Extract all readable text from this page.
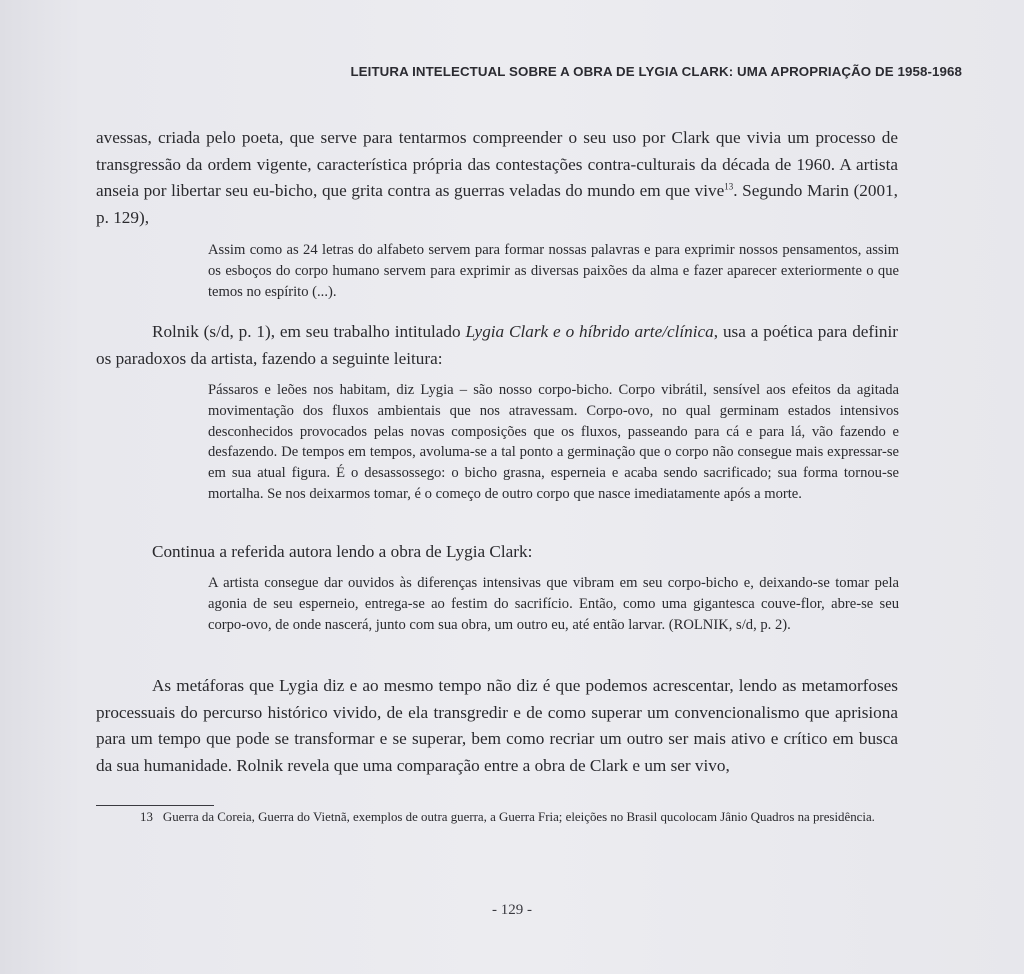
LEITURA INTELECTUAL SOBRE A OBRA DE LYGIA CLARK: UMA APROPRIAÇÃO DE 1958-1968

avessas, criada pelo poeta, que serve para tentarmos compreender o seu uso por Clark que vivia um processo de transgressão da ordem vigente, característica própria das contestações contra-culturais da década de 1960. A artista anseia por libertar seu eu-bicho, que grita contra as guerras veladas do mundo em que vive$^{13}$. Segundo Marin (2001, p. 129),

Assim como as 24 letras do alfabeto servem para formar nossas palavras e para exprimir nossos pensamentos, assim os esboços do corpo humano servem para exprimir as diversas paixões da alma e fazer aparecer exteriormente o que temos no espírito (...).

Rolnik (s/d, p. 1), em seu trabalho intitulado Lygia Clark e o híbrido arte/clínica, usa a poética para definir os paradoxos da artista, fazendo a seguinte leitura:

Pássaros e leões nos habitam, diz Lygia – são nosso corpo-bicho. Corpo vibrátil, sensível aos efeitos da agitada movimentação dos fluxos ambientais que nos atravessam. Corpo-ovo, no qual germinam estados intensivos desconhecidos provocados pelas novas composições que os fluxos, passeando para cá e para lá, vão fazendo e desfazendo. De tempos em tempos, avoluma-se a tal ponto a germinação que o corpo não consegue mais expressar-se em sua atual figura. É o desassossego: o bicho grasna, esperneia e acaba sendo sacrificado; sua forma tornou-se mortalha. Se nos deixarmos tomar, é o começo de outro corpo que nasce imediatamente após a morte.

Continua a referida autora lendo a obra de Lygia Clark:

A artista consegue dar ouvidos às diferenças intensivas que vibram em seu corpo-bicho e, deixando-se tomar pela agonia de seu esperneio, entrega-se ao festim do sacrifício. Então, como uma gigantesca couve-flor, abre-se seu corpo-ovo, de onde nascerá, junto com sua obra, um outro eu, até então larvar. (ROLNIK, s/d, p. 2).

As metáforas que Lygia diz e ao mesmo tempo não diz é que podemos acrescentar, lendo as metamorfoses processuais do percurso histórico vivido, de ela transgredir e de como superar um convencionalismo que aprisiona para um tempo que pode se transformar e se superar, bem como recriar um outro ser mais ativo e crítico em busca da sua humanidade. Rolnik revela que uma comparação entre a obra de Clark e um ser vivo,

13 Guerra da Coreia, Guerra do Vietnã, exemplos de outra guerra, a Guerra Fria; eleições no Brasil qucolocam Jânio Quadros na presidência.

- 129 -
